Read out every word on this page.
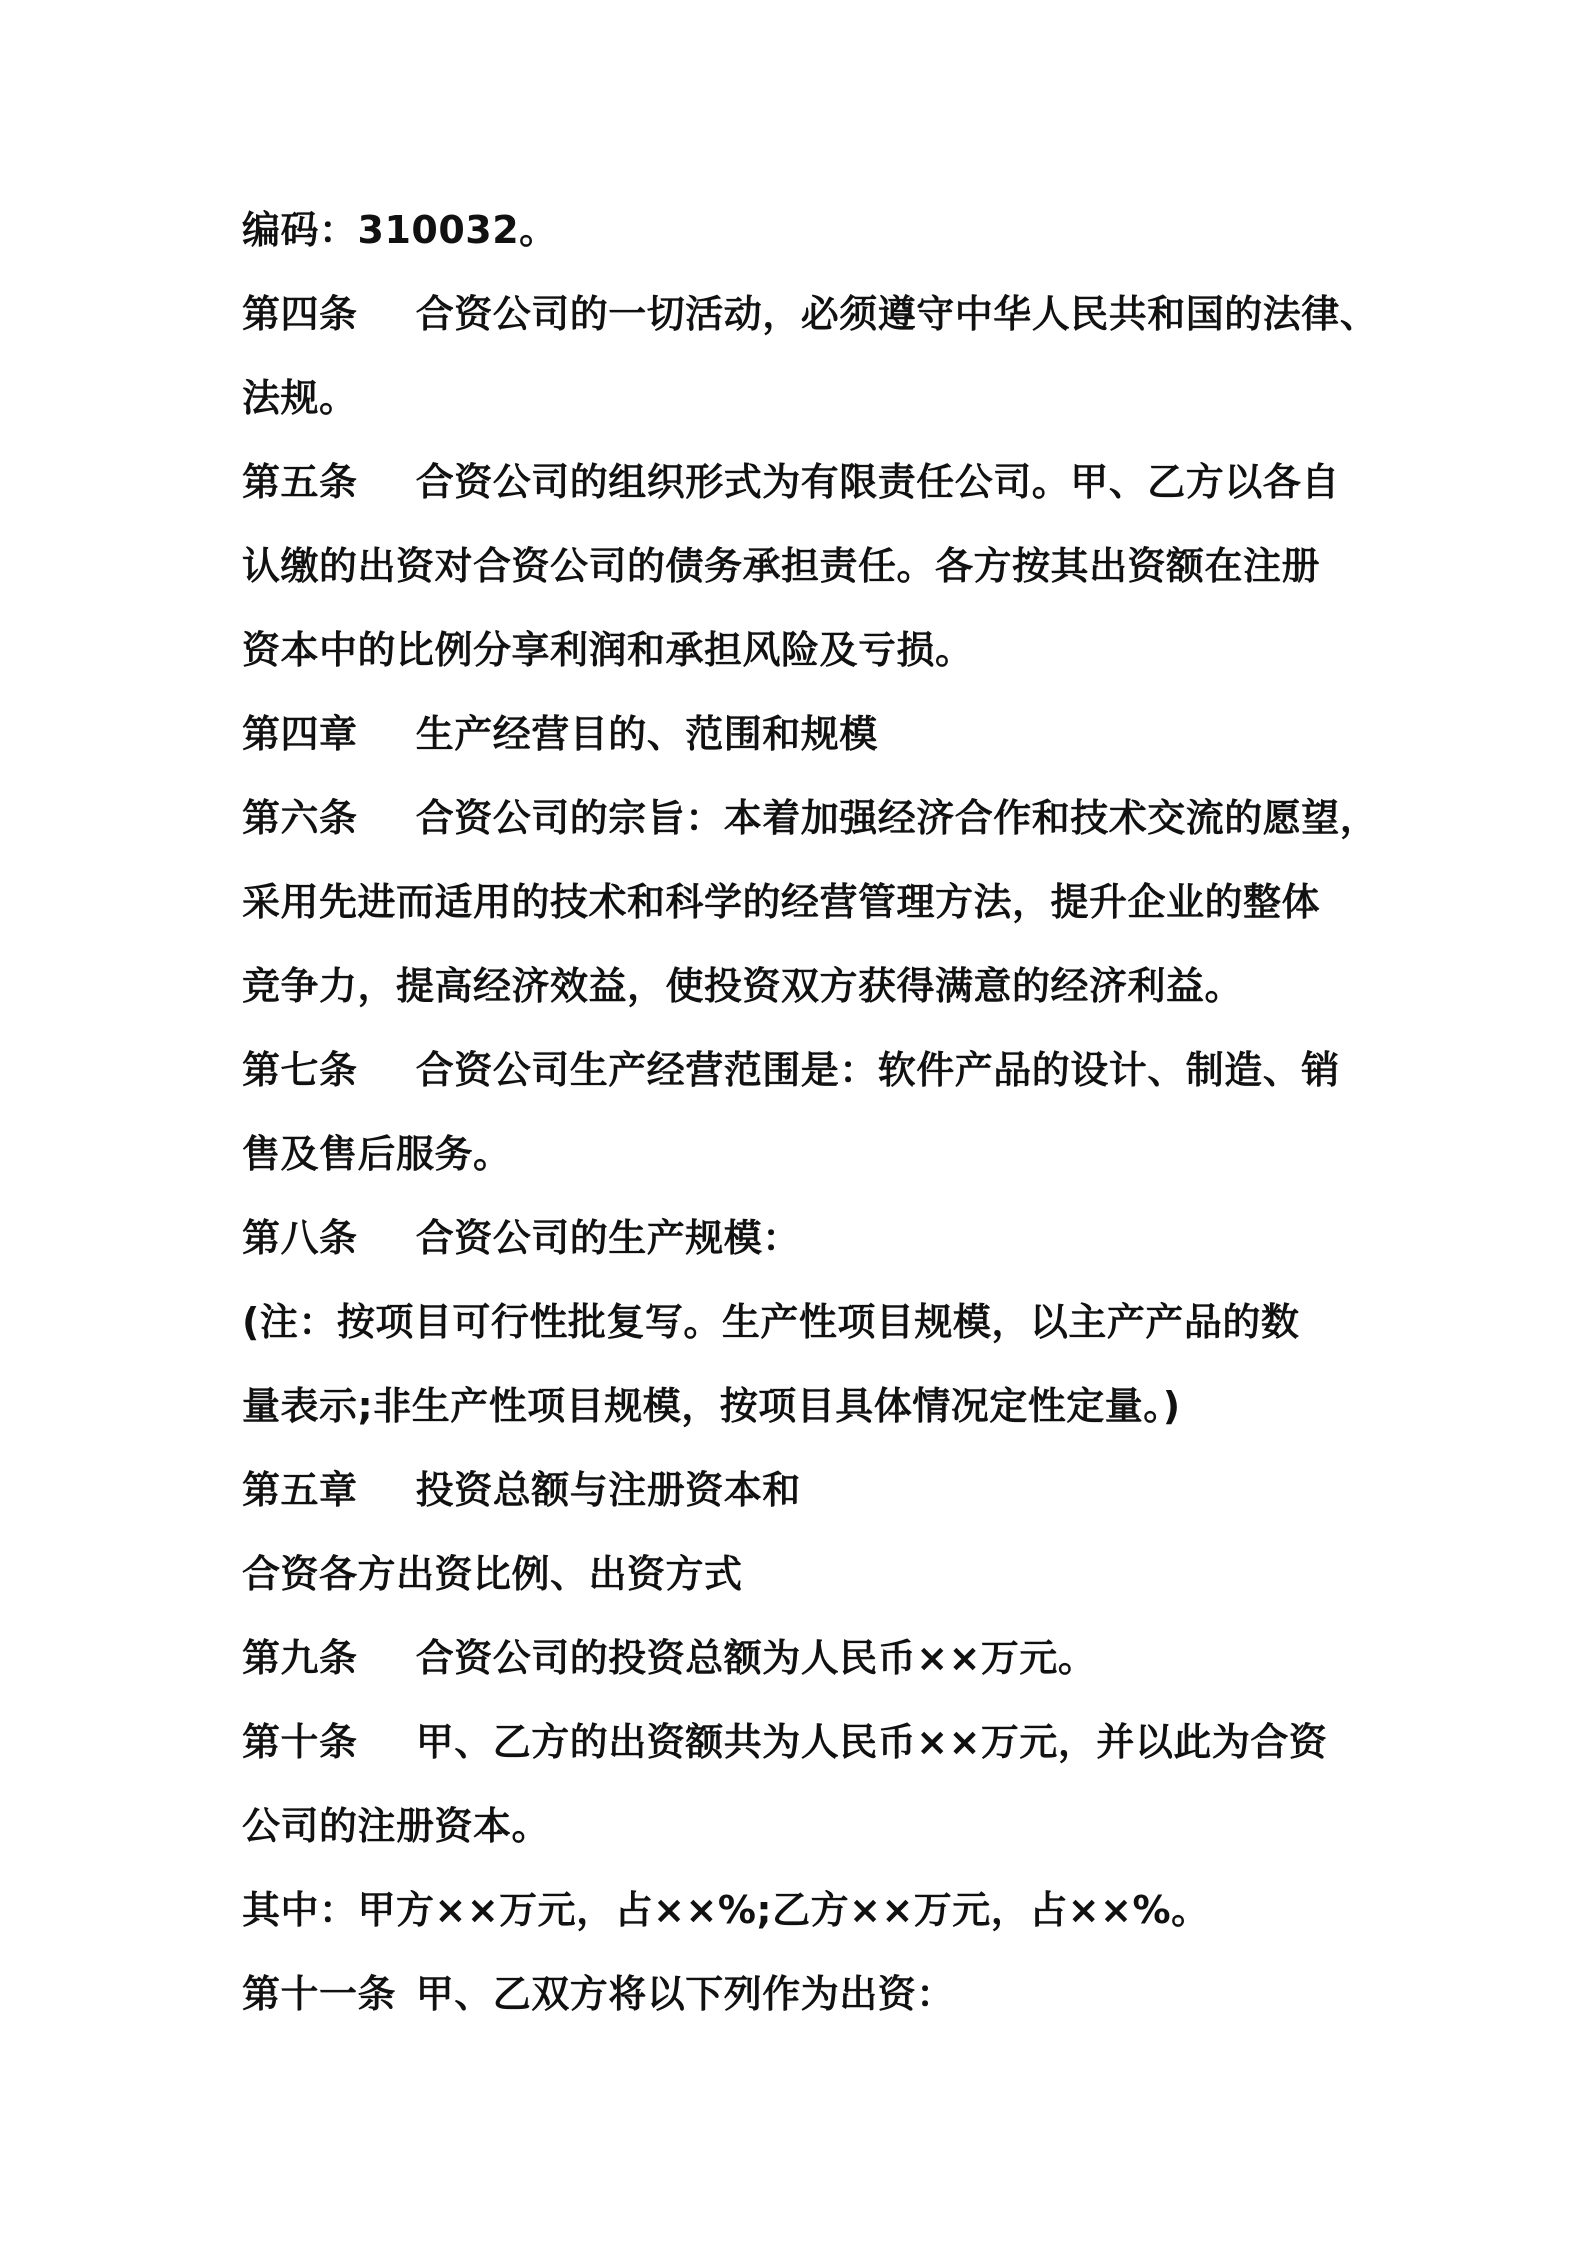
编码：310032。
第四条 合资公司的一切活动，必须遵守中华人民共和国的法律、
法规。
第五条 合资公司的组织形式为有限责任公司。甲、乙方以各自
认缴的出资对合资公司的债务承担责任。各方按其出资额在注册
资本中的比例分享利润和承担风险及亏损。
第四章 生产经营目的、范围和规模
第六条 合资公司的宗旨：本着加强经济合作和技术交流的愿望，
采用先进而适用的技术和科学的经营管理方法，提升企业的整体
竞争力，提高经济效益，使投资双方获得满意的经济利益。
第七条 合资公司生产经营范围是：软件产品的设计、制造、销
售及售后服务。
第八条 合资公司的生产规模：
(注：按项目可行性批复写。生产性项目规模，以主产产品的数
量表示;非生产性项目规模，按项目具体情况定性定量。)
第五章 投资总额与注册资本和
合资各方出资比例、出资方式
第九条 合资公司的投资总额为人民币××万元。
第十条 甲、乙方的出资额共为人民币××万元，并以此为合资
公司的注册资本。
其中：甲方××万元，占××%;乙方××万元，占××%。
第十一条 甲、乙双方将以下列作为出资：
